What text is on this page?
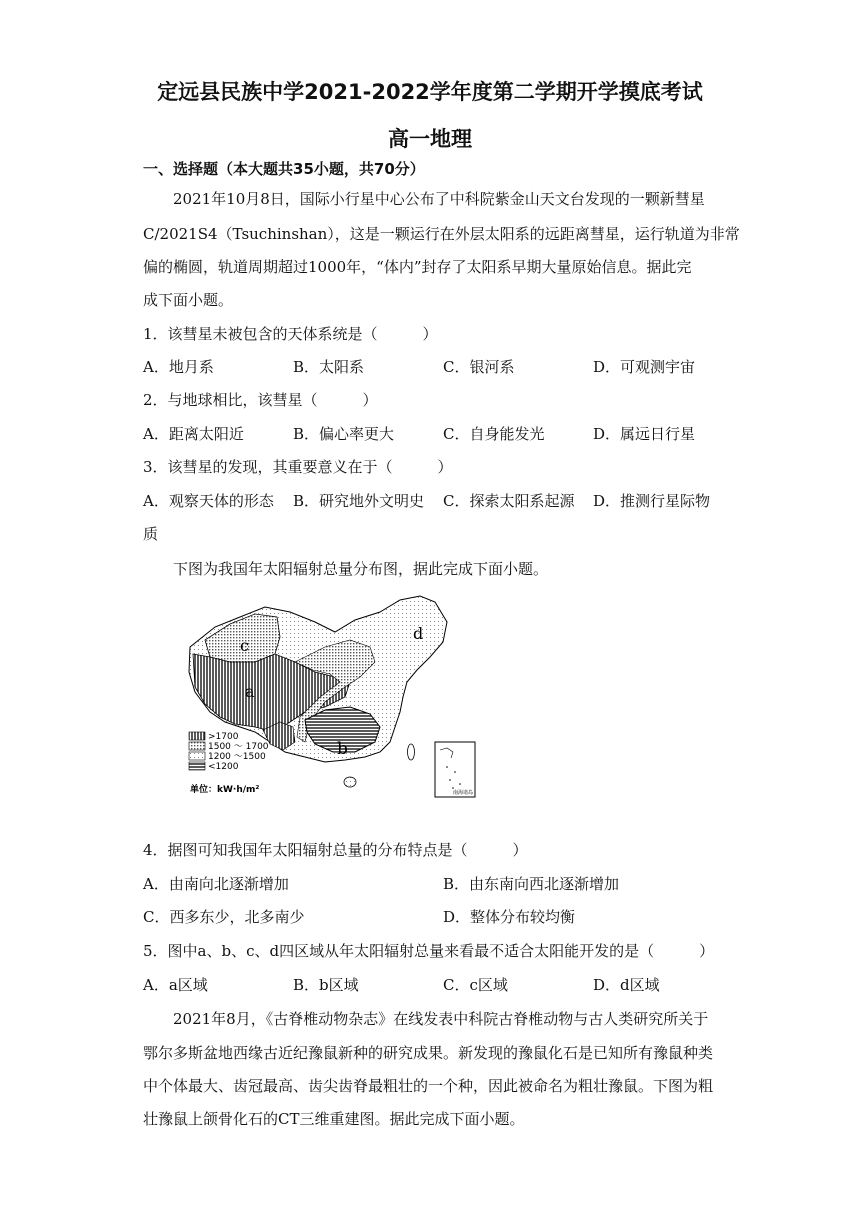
定远县民族中学2021-2022学年度第二学期开学摸底考试
高一地理
一、选择题（本大题共35小题，共70分）
2021年10月8日，国际小行星中心公布了中科院紫金山天文台发现的一颗新彗星
C/2021S4（Tsuchinshan），这是一颗运行在外层太阳系的远距离彗星，运行轨道为非常
偏的椭圆，轨道周期超过1000年，“体内”封存了太阳系早期大量原始信息。据此完
成下面小题。
1．该彗星未被包含的天体系统是（　　　）
A．地月系	B．太阳系	C．银河系	D．可观测宇宙
2．与地球相比，该彗星（　　　）
A．距离太阳近	B．偏心率更大	C．自身能发光	D．属远日行星
3．该彗星的发现，其重要意义在于（　　　）
A．观察天体的形态 B．研究地外文明史 C．探索太阳系起源 D．推测行星际物
质
下图为我国年太阳辐射总量分布图，据此完成下面小题。
c
a
b
d
>1700
1500 ～ 1700
1200 ～1500
<1200
单位：kW·h/m²	南海诸岛
4．据图可知我国年太阳辐射总量的分布特点是（　　　）
A．由南向北逐渐增加	B．由东南向西北逐渐增加
C．西多东少，北多南少	D．整体分布较均衡
5．图中a、b、c、d四区域从年太阳辐射总量来看最不适合太阳能开发的是（　　　）
A．a区域	B．b区域	C．c区域	D．d区域
2021年8月，《古脊椎动物杂志》在线发表中科院古脊椎动物与古人类研究所关于
鄂尔多斯盆地西缘古近纪豫鼠新种的研究成果。新发现的豫鼠化石是已知所有豫鼠种类
中个体最大、齿冠最高、齿尖齿脊最粗壮的一个种，因此被命名为粗壮豫鼠。下图为粗
壮豫鼠上颌骨化石的CT三维重建图。据此完成下面小题。
